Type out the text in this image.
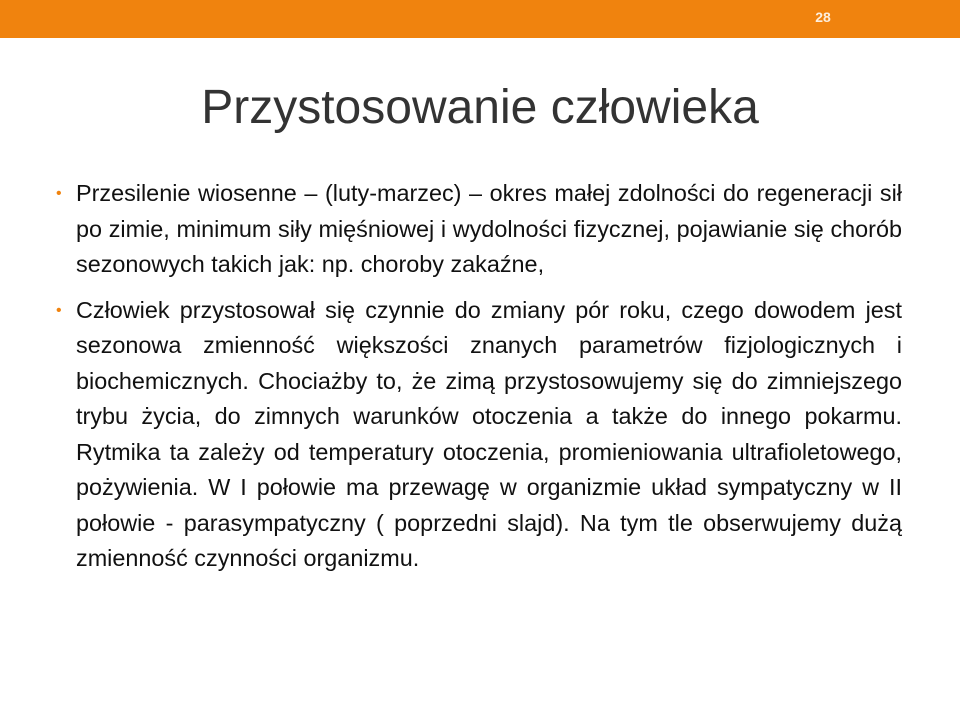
28
Przystosowanie człowieka
• Przesilenie wiosenne – (luty-marzec) – okres małej zdolności do regeneracji sił po zimie, minimum siły mięśniowej i wydolności fizycznej, pojawianie się chorób sezonowych takich jak: np. choroby zakaźne,
• Człowiek przystosował się czynnie do zmiany pór roku, czego dowodem jest sezonowa zmienność większości znanych parametrów fizjologicznych i biochemicznych. Chociażby to, że zimą przystosowujemy się do zimniejszego trybu życia, do zimnych warunków otoczenia a także do innego pokarmu. Rytmika ta zależy od temperatury otoczenia, promieniowania ultrafioletowego, pożywienia. W I połowie ma przewagę w organizmie układ sympatyczny w II połowie - parasympatyczny ( poprzedni slajd). Na tym tle obserwujemy dużą zmienność czynności organizmu.
